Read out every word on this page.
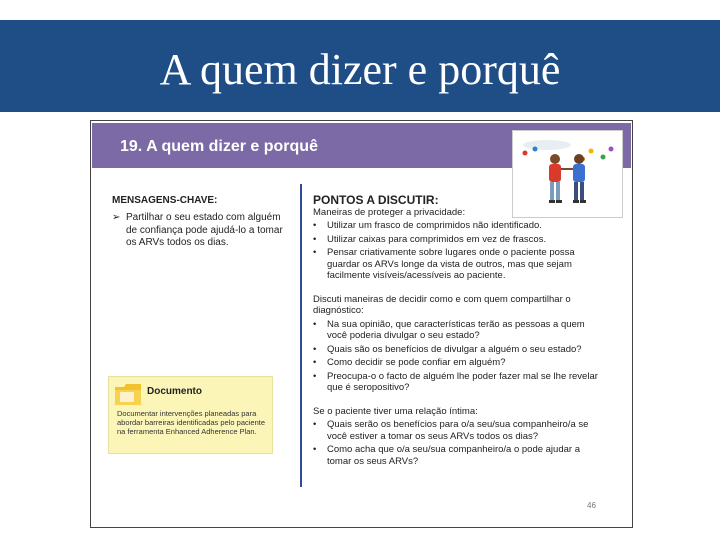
A quem dizer e porquê
19. A quem dizer e porquê
MENSAGENS-CHAVE:
➢ Partilhar o seu estado com alguém de confiança pode ajudá-lo a tomar os ARVs todos os dias.
PONTOS A DISCUTIR:
Maneiras de proteger a privacidade:
•	Utilizar um frasco de comprimidos não identificado.
•	Utilizar caixas para comprimidos em vez de frascos.
•	Pensar criativamente sobre lugares onde o paciente possa guardar os ARVs longe da vista de outros, mas que sejam facilmente visíveis/acessíveis ao paciente.
Discuti maneiras de decidir como e com quem compartilhar o diagnóstico:
•	Na sua opinião, que características terão as pessoas a quem você poderia divulgar o seu estado?
•	Quais são os benefícios de divulgar a alguém o seu estado?
•	Como decidir se pode confiar em alguém?
•	Preocupa-o o facto de alguém lhe poder fazer mal se lhe revelar que é seropositivo?
Se o paciente tiver uma relação íntima:
•	Quais serão os benefícios para o/a seu/sua companheiro/a se você estiver a tomar os seus ARVs todos os dias?
•	Como acha que o/a seu/sua companheiro/a o pode ajudar a tomar os seus ARVs?
Documento
Documentar intervenções planeadas para abordar barreiras identificadas pelo paciente na ferramenta Enhanced Adherence Plan.
46
